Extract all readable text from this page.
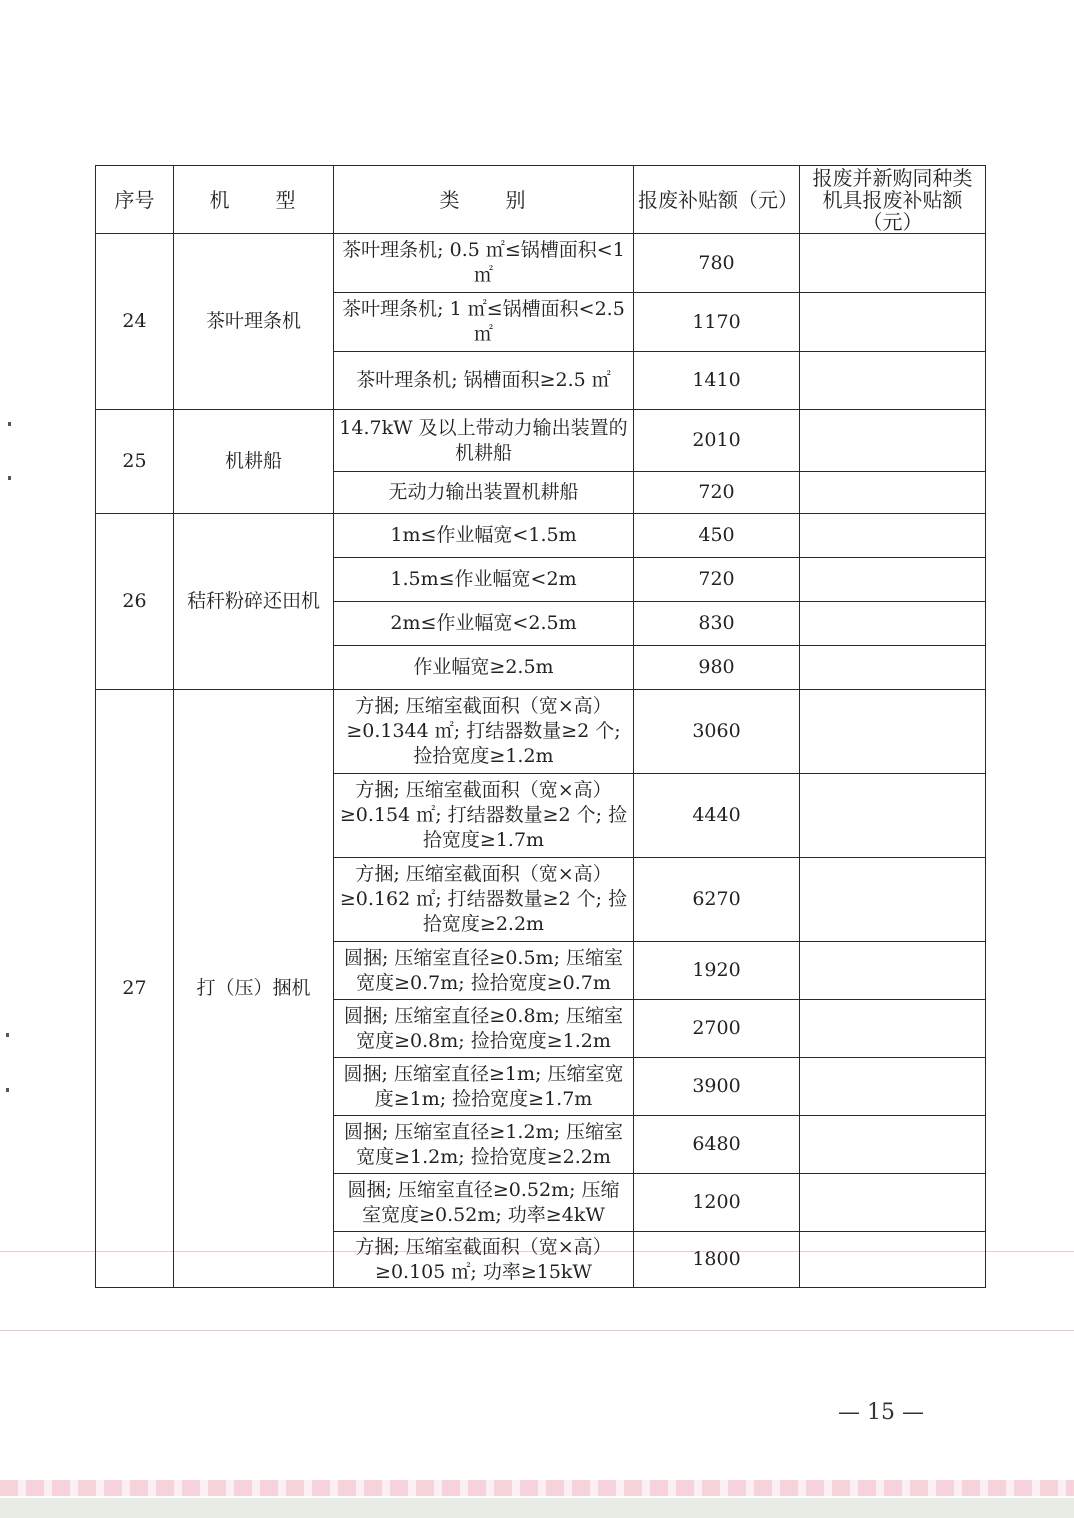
序号	机　　型	类　　别	报废补贴额（元）	报废并新购同种类机具报废补贴额（元）
24	茶叶理条机	茶叶理条机; 0.5 ㎡≤锅槽面积<1 ㎡	780	
		茶叶理条机; 1 ㎡≤锅槽面积<2.5 ㎡	1170	
		茶叶理条机; 锅槽面积≥2.5 ㎡	1410	
25	机耕船	14.7kW 及以上带动力输出装置的机耕船	2010	
		无动力输出装置机耕船	720	
26	秸秆粉碎还田机	1m≤作业幅宽<1.5m	450	
		1.5m≤作业幅宽<2m	720	
		2m≤作业幅宽<2.5m	830	
		作业幅宽≥2.5m	980	
27	打（压）捆机	方捆; 压缩室截面积（宽×高）≥0.1344 ㎡; 打结器数量≥2 个; 捡拾宽度≥1.2m	3060	
		方捆; 压缩室截面积（宽×高）≥0.154 ㎡; 打结器数量≥2 个; 捡拾宽度≥1.7m	4440	
		方捆; 压缩室截面积（宽×高）≥0.162 ㎡; 打结器数量≥2 个; 捡拾宽度≥2.2m	6270	
		圆捆; 压缩室直径≥0.5m; 压缩室宽度≥0.7m; 捡拾宽度≥0.7m	1920	
		圆捆; 压缩室直径≥0.8m; 压缩室宽度≥0.8m; 捡拾宽度≥1.2m	2700	
		圆捆; 压缩室直径≥1m; 压缩室宽度≥1m; 捡拾宽度≥1.7m	3900	
		圆捆; 压缩室直径≥1.2m; 压缩室宽度≥1.2m; 捡拾宽度≥2.2m	6480	
		圆捆; 压缩室直径≥0.52m; 压缩室宽度≥0.52m; 功率≥4kW	1200	
		方捆; 压缩室截面积（宽×高）≥0.105 ㎡; 功率≥15kW	1800	
— 15 —
